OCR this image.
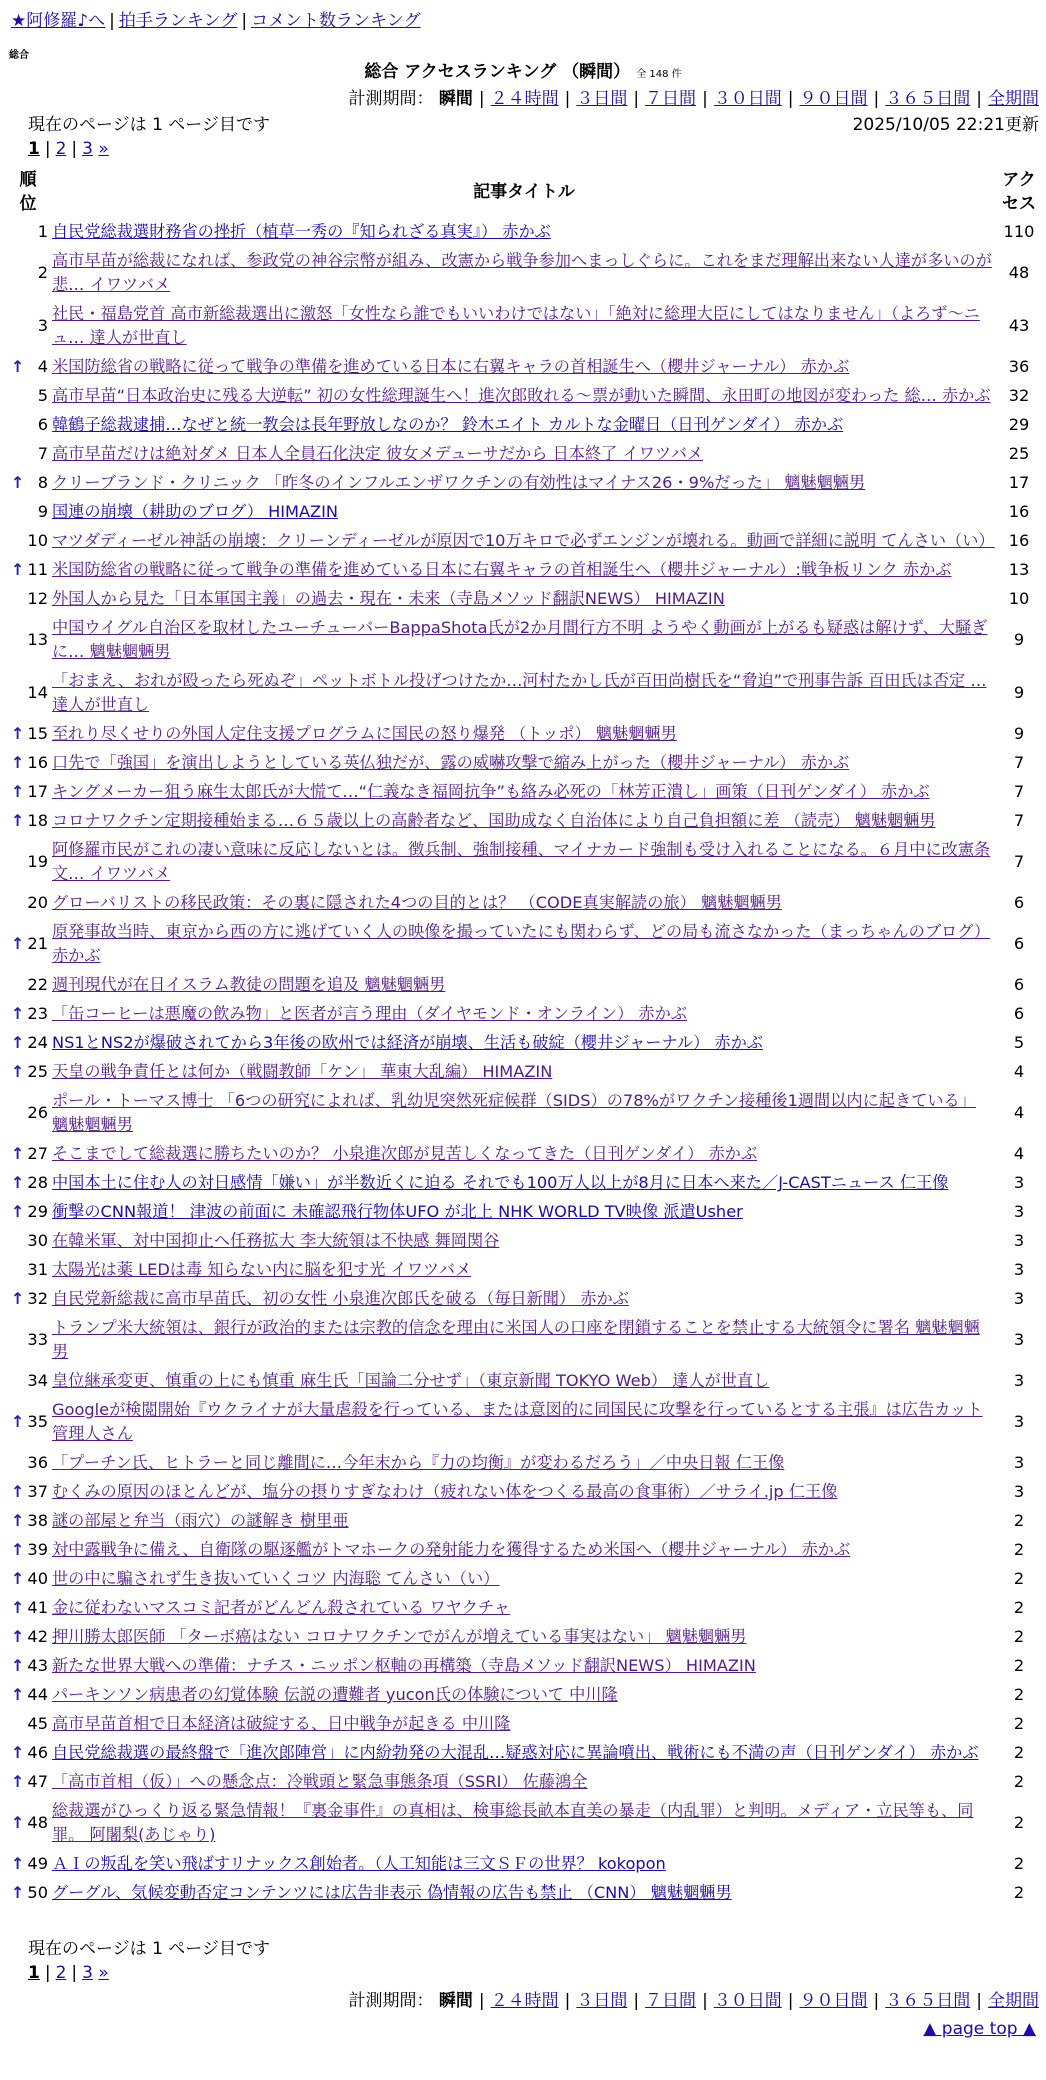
★阿修羅♪へ | 拍手ランキング | コメント数ランキング
総合
総合 アクセスランキング （瞬間） 全 148 件
計測期間： 瞬間 | ２４時間 | ３日間 | ７日間 | ３０日間 | ９０日間 | ３６５日間 | 全期間
現在のページは 1 ページ目です	2025/10/05 22:21更新
1 | 2 | 3 »
順
位	記事タイトル	アク
セス
1	自民党総裁選財務省の挫折（植草一秀の『知られざる真実』） 赤かぶ	110
2	高市早苗が総裁になれば、参政党の神谷宗幣が組み、改憲から戦争参加へまっしぐらに。これをまだ理解出来ない人達が多いのが悲… イワツバメ	48
3	社民・福島党首 高市新総裁選出に激怒「女性なら誰でもいいわけではない」「絶対に総理大臣にしてはなりません」（よろず～ニュ… 達人が世直し	43

↑ 4	米国防総省の戦略に従って戦争の準備を進めている日本に右翼キャラの首相誕生へ（櫻井ジャーナル） 赤かぶ	36
5	高市早苗“日本政治史に残る大逆転” 初の女性総理誕生へ！進次郎敗れる～票が動いた瞬間、永田町の地図が変わった 総… 赤かぶ	32
6	韓鶴子総裁逮捕…なぜと統一教会は長年野放しなのか？ 鈴木エイト カルトな金曜日（日刊ゲンダイ） 赤かぶ	29
7	高市早苗だけは絶対ダメ 日本人全員石化決定 彼女メデューサだから 日本終了 イワツバメ	25

↑ 8	クリーブランド・クリニック 「昨冬のインフルエンザワクチンの有効性はマイナス26・9%だった」 魑魅魍魎男	17
9	国連の崩壊（耕助のブログ） HIMAZIN	16
10	マツダディーゼル神話の崩壊：クリーンディーゼルが原因で10万キロで必ずエンジンが壊れる。動画で詳細に説明 てんさい（い）	16

↑ 11	米国防総省の戦略に従って戦争の準備を進めている日本に右翼キャラの首相誕生へ（櫻井ジャーナル）:戦争板リンク 赤かぶ	13
12	外国人から見た「日本軍国主義」の過去・現在・未来（寺島メソッド翻訳NEWS） HIMAZIN	10
13	中国ウイグル自治区を取材したユーチューバーBappaShota氏が2か月間行方不明 ようやく動画が上がるも疑惑は解けず、大騒ぎに… 魑魅魍魎男	9
14	「おまえ、おれが殴ったら死ぬぞ」ペットボトル投げつけたか…河村たかし氏が百田尚樹氏を“脅迫”で刑事告訴 百田氏は否定 … 達人が世直し	9

↑ 15	至れり尽くせりの外国人定住支援プログラムに国民の怒り爆発 （トッポ） 魑魅魍魎男	9

↑ 16	口先で「強国」を演出しようとしている英仏独だが、露の威嚇攻撃で縮み上がった（櫻井ジャーナル） 赤かぶ	7

↑ 17	キングメーカー狙う麻生太郎氏が大慌て…“仁義なき福岡抗争”も絡み必死の「林芳正潰し」画策（日刊ゲンダイ） 赤かぶ	7

↑ 18	コロナワクチン定期接種始まる…６５歳以上の高齢者など、国助成なく自治体により自己負担額に差 （読売） 魑魅魍魎男	7
19	阿修羅市民がこれの凄い意味に反応しないとは。徴兵制、強制接種、マイナカード強制も受け入れることになる。６月中に改憲条文… イワツバメ	7
20	グローバリストの移民政策：その裏に隠された4つの目的とは？ （CODE真実解読の旅） 魑魅魍魎男	6

↑ 21	原発事故当時、東京から西の方に逃げていく人の映像を撮っていたにも関わらず、どの局も流さなかった（まっちゃんのブログ） 赤かぶ	6
22	週刊現代が在日イスラム教徒の問題を追及 魑魅魍魎男	6

↑ 23	「缶コーヒーは悪魔の飲み物」と医者が言う理由（ダイヤモンド・オンライン） 赤かぶ	6

↑ 24	NS1とNS2が爆破されてから3年後の欧州では経済が崩壊、生活も破綻（櫻井ジャーナル） 赤かぶ	5

↑ 25	天皇の戦争責任とは何か（戦闘教師「ケン」 華東大乱編） HIMAZIN	4
26	ポール・トーマス博士 「6つの研究によれば、乳幼児突然死症候群（SIDS）の78%がワクチン接種後1週間以内に起きている」 魑魅魍魎男	4

↑ 27	そこまでして総裁選に勝ちたいのか？ 小泉進次郎が見苦しくなってきた（日刊ゲンダイ） 赤かぶ	4

↑ 28	中国本土に住む人の対日感情「嫌い」が半数近くに迫る それでも100万人以上が8月に日本へ来た／J-CASTニュース 仁王像	3

↑ 29	衝撃のCNN報道！ 津波の前面に 未確認飛行物体UFO が北上 NHK WORLD TV映像 派遣Usher	3
30	在韓米軍、対中国抑止へ任務拡大 李大統領は不快感 舞岡関谷	3
31	太陽光は薬 LEDは毒 知らない内に脳を犯す光 イワツバメ	3

↑ 32	自民党新総裁に高市早苗氏、初の女性 小泉進次郎氏を破る（毎日新聞） 赤かぶ	3
33	トランプ米大統領は、銀行が政治的または宗教的信念を理由に米国人の口座を閉鎖することを禁止する大統領令に署名 魑魅魍魎男	3
34	皇位継承変更、慎重の上にも慎重 麻生氏「国論二分せず」（東京新聞 TOKYO Web） 達人が世直し	3

↑ 35	Googleが検閲開始『ウクライナが大量虐殺を行っている、または意図的に同国民に攻撃を行っているとする主張』は広告カット 管理人さん	3
36	「プーチン氏、ヒトラーと同じ離間に…今年末から『力の均衡』が変わるだろう」／中央日報 仁王像	3

↑ 37	むくみの原因のほとんどが、塩分の摂りすぎなわけ（疲れない体をつくる最高の食事術）／サライ.jp 仁王像	3

↑ 38	謎の部屋と弁当（雨穴）の謎解き 樹里亜	2

↑ 39	対中露戦争に備え、自衛隊の駆逐艦がトマホークの発射能力を獲得するため米国へ（櫻井ジャーナル） 赤かぶ	2

↑ 40	世の中に騙されず生き抜いていくコツ 内海聡 てんさい（い）	2

↑ 41	金に従わないマスコミ記者がどんどん殺されている ワヤクチャ	2

↑ 42	押川勝太郎医師 「ターボ癌はない コロナワクチンでがんが増えている事実はない」 魑魅魍魎男	2

↑ 43	新たな世界大戦への準備：ナチス・ニッポン枢軸の再構築（寺島メソッド翻訳NEWS） HIMAZIN	2

↑ 44	パーキンソン病患者の幻覚体験 伝説の遭難者 yucon氏の体験について 中川隆	2
45	高市早苗首相で日本経済は破綻する、日中戦争が起きる 中川隆	2

↑ 46	自民党総裁選の最終盤で「進次郎陣営」に内紛勃発の大混乱…疑惑対応に異論噴出、戦術にも不満の声（日刊ゲンダイ） 赤かぶ	2

↑ 47	「高市首相（仮）」への懸念点：冷戦頭と緊急事態条項（SSRI） 佐藤鴻全	2

↑ 48	総裁選がひっくり返る緊急情報！『裏金事件』の真相は、検事総長畝本直美の暴走（内乱罪）と判明。メディア・立民等も、同罪。 阿闍梨(あじゃり)	2

↑ 49	ＡＩの叛乱を笑い飛ばすリナックス創始者。（人工知能は三文ＳＦの世界？ kokopon	2

↑ 50	グーグル、気候変動否定コンテンツには広告非表示 偽情報の広告も禁止 （CNN） 魑魅魍魎男	2
現在のページは 1 ページ目です
1 | 2 | 3 »
計測期間： 瞬間 | ２４時間 | ３日間 | ７日間 | ３０日間 | ９０日間 | ３６５日間 | 全期間
▲ page top ▲
